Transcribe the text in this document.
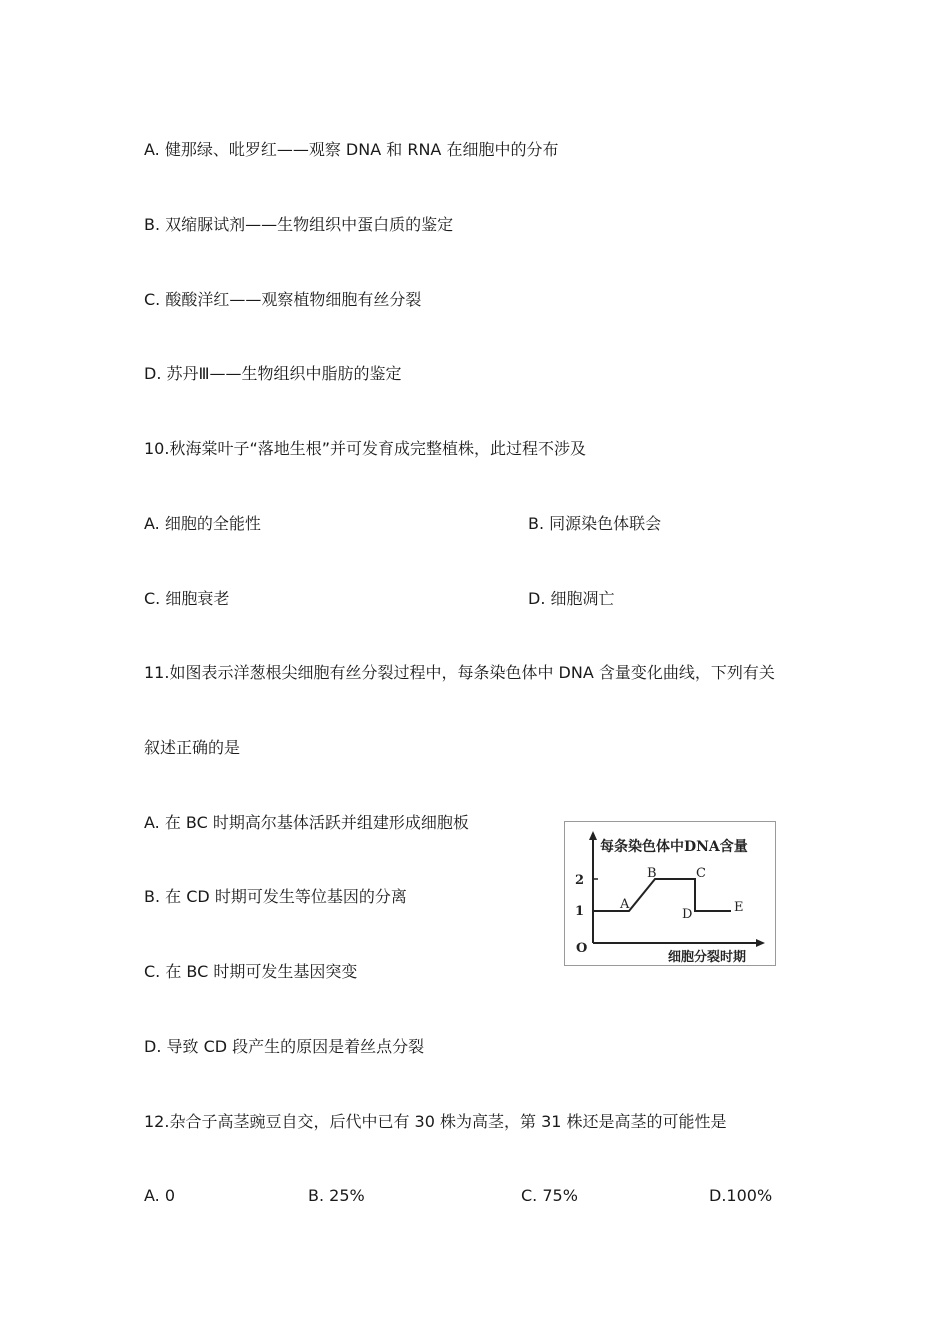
A. 健那绿、吡罗红——观察 DNA 和 RNA 在细胞中的分布
B. 双缩脲试剂——生物组织中蛋白质的鉴定
C. 酸酸洋红——观察植物细胞有丝分裂
D. 苏丹Ⅲ——生物组织中脂肪的鉴定
10.秋海棠叶子“落地生根”并可发育成完整植株，此过程不涉及
A. 细胞的全能性	B. 同源染色体联会
C. 细胞衰老	D. 细胞凋亡
11.如图表示洋葱根尖细胞有丝分裂过程中，每条染色体中 DNA 含量变化曲线，下列有关
叙述正确的是
A. 在 BC 时期高尔基体活跃并组建形成细胞板
B. 在 CD 时期可发生等位基因的分离
C. 在 BC 时期可发生基因突变
D. 导致 CD 段产生的原因是着丝点分裂
每条染色体中DNA含量
细胞分裂时期
O
2
1	A
B	C
D	E
12.杂合子高茎豌豆自交，后代中已有 30 株为高茎，第 31 株还是高茎的可能性是
A. 0	B. 25%	C. 75%	D.100%
